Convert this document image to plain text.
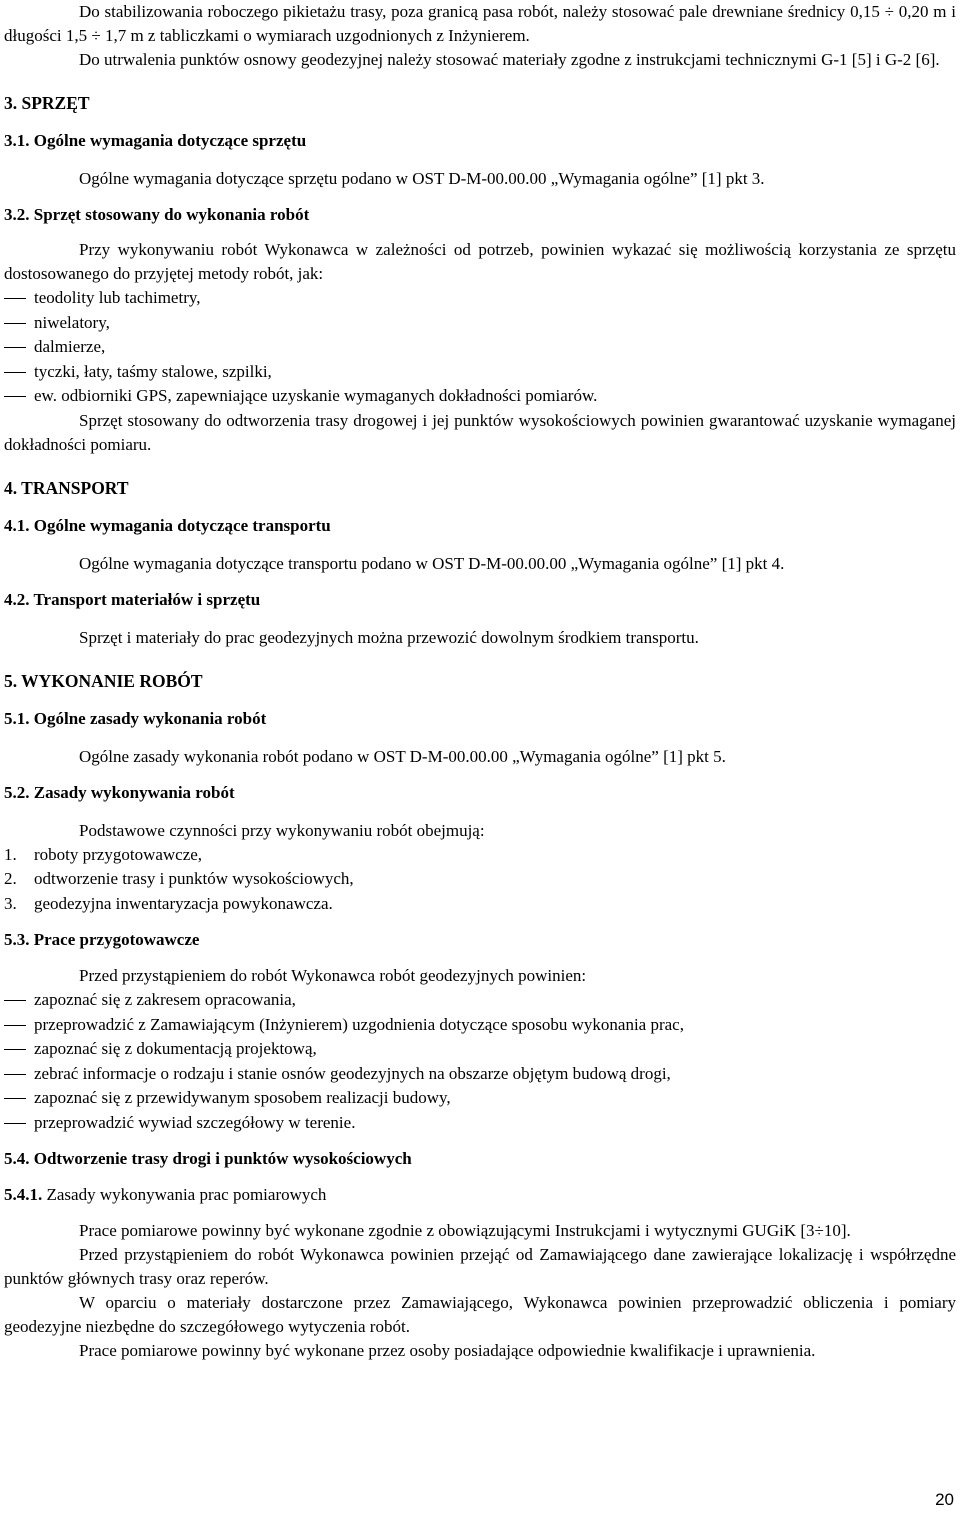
Do stabilizowania roboczego pikietażu trasy, poza granicą pasa robót, należy stosować pale drewniane średnicy 0,15 ÷ 0,20 m i długości 1,5 ÷ 1,7 m z tabliczkami o wymiarach uzgodnionych z Inżynierem.

Do utrwalenia punktów osnowy geodezyjnej należy stosować materiały zgodne z instrukcjami technicznymi G-1 [5] i G-2 [6].

3. SPRZĘT
3.1. Ogólne wymagania dotyczące sprzętu

Ogólne wymagania dotyczące sprzętu podano w OST D-M-00.00.00 „Wymagania ogólne” [1] pkt 3.

3.2. Sprzęt stosowany do wykonania robót

Przy wykonywaniu robót Wykonawca w zależności od potrzeb, powinien wykazać się możliwością korzystania ze sprzętu dostosowanego do przyjętej metody robót, jak:

teodolity lub tachimetry,
niwelatory,
dalmierze,
tyczki, łaty, taśmy stalowe, szpilki,
ew. odbiorniki GPS, zapewniające uzyskanie wymaganych dokładności pomiarów.

Sprzęt stosowany do odtworzenia trasy drogowej i jej punktów wysokościowych powinien gwarantować uzyskanie wymaganej dokładności pomiaru.

4. TRANSPORT
4.1. Ogólne wymagania dotyczące transportu

Ogólne wymagania dotyczące transportu podano w OST D-M-00.00.00 „Wymagania ogólne” [1] pkt 4.

4.2. Transport materiałów i sprzętu

Sprzęt i materiały do prac geodezyjnych można przewozić dowolnym środkiem transportu.

5. WYKONANIE ROBÓT
5.1. Ogólne zasady wykonania robót

Ogólne zasady wykonania robót podano w OST D-M-00.00.00 „Wymagania ogólne” [1] pkt 5.

5.2. Zasady wykonywania robót

Podstawowe czynności przy wykonywaniu robót obejmują:

1. roboty przygotowawcze,
2. odtworzenie trasy i punktów wysokościowych,
3. geodezyjna inwentaryzacja powykonawcza.
5.3. Prace przygotowawcze

Przed przystąpieniem do robót Wykonawca robót geodezyjnych powinien:

zapoznać się z zakresem opracowania,
przeprowadzić z Zamawiającym (Inżynierem) uzgodnienia dotyczące sposobu wykonania prac,
zapoznać się z dokumentacją projektową,
zebrać informacje o rodzaju i stanie osnów geodezyjnych na obszarze objętym budową drogi,
zapoznać się z przewidywanym sposobem realizacji budowy,
przeprowadzić wywiad szczegółowy w terenie.
5.4. Odtworzenie trasy drogi i punktów wysokościowych
5.4.1. Zasady wykonywania prac pomiarowych

Prace pomiarowe powinny być wykonane zgodnie z obowiązującymi Instrukcjami i wytycznymi GUGiK [3÷10].

Przed przystąpieniem do robót Wykonawca powinien przejąć od Zamawiającego dane zawierające lokalizację i współrzędne punktów głównych trasy oraz reperów.

W oparciu o materiały dostarczone przez Zamawiającego, Wykonawca powinien przeprowadzić obliczenia i pomiary geodezyjne niezbędne do szczegółowego wytyczenia robót.

Prace pomiarowe powinny być wykonane przez osoby posiadające odpowiednie kwalifikacje i uprawnienia.

20
